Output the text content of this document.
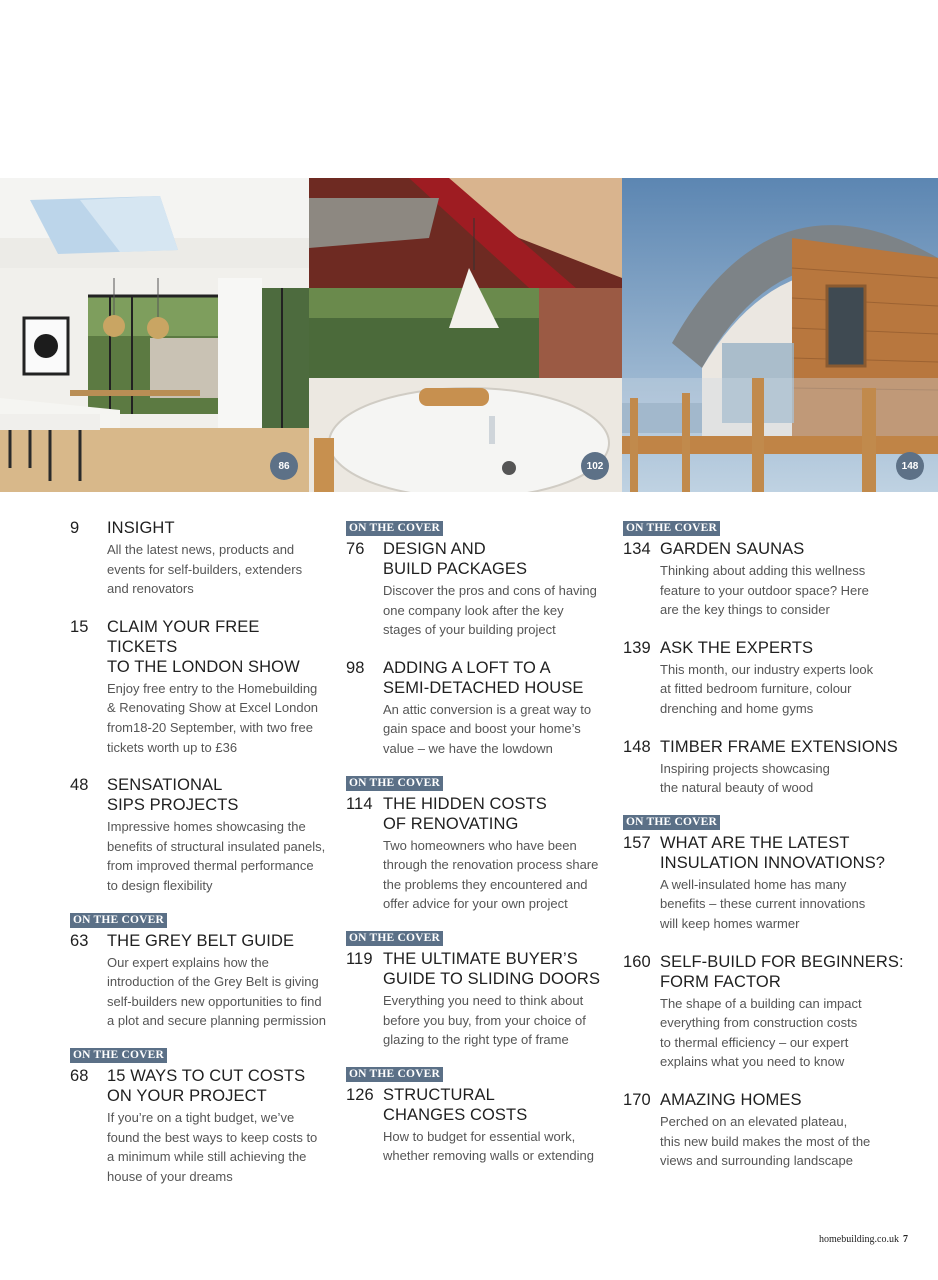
86	102	148
9	INSIGHT
All the latest news, products and
events for self-builders, extenders
and renovators
15	CLAIM YOUR FREE TICKETS
TO THE LONDON SHOW
Enjoy free entry to the Homebuilding
& Renovating Show at Excel London
from18-20 September, with two free
tickets worth up to £36
48	SENSATIONAL
SIPS PROJECTS
Impressive homes showcasing the
benefits of structural insulated panels,
from improved thermal performance
to design flexibility
ON THE COVER
63	THE GREY BELT GUIDE
Our expert explains how the
introduction of the Grey Belt is giving
self-builders new opportunities to find
a plot and secure planning permission
ON THE COVER
68	15 WAYS TO CUT COSTS
ON YOUR PROJECT
If you’re on a tight budget, we’ve
found the best ways to keep costs to
a minimum while still achieving the
house of your dreams
ON THE COVER
76	DESIGN AND
BUILD PACKAGES
Discover the pros and cons of having
one company look after the key
stages of your building project
98	ADDING A LOFT TO A
SEMI-DETACHED HOUSE
An attic conversion is a great way to
gain space and boost your home’s
value – we have the lowdown
ON THE COVER
114 THE HIDDEN COSTS
OF RENOVATING
Two homeowners who have been
through the renovation process share
the problems they encountered and
offer advice for your own project
ON THE COVER
119 THE ULTIMATE BUYER’S
GUIDE TO SLIDING DOORS
Everything you need to think about
before you buy, from your choice of
glazing to the right type of frame
ON THE COVER
126 STRUCTURAL
CHANGES COSTS
How to budget for essential work,
whether removing walls or extending
ON THE COVER
134 GARDEN SAUNAS
Thinking about adding this wellness
feature to your outdoor space? Here
are the key things to consider
139 ASK THE EXPERTS
This month, our industry experts look
at fitted bedroom furniture, colour
drenching and home gyms
148 TIMBER FRAME EXTENSIONS
Inspiring projects showcasing
the natural beauty of wood
ON THE COVER
157 WHAT ARE THE LATEST
INSULATION INNOVATIONS?
A well-insulated home has many
benefits – these current innovations
will keep homes warmer
160 SELF-BUILD FOR BEGINNERS:
FORM FACTOR
The shape of a building can impact
everything from construction costs
to thermal efficiency – our expert
explains what you need to know
170 AMAZING HOMES
Perched on an elevated plateau,
this new build makes the most of the
views and surrounding landscape
homebuilding.co.uk 7
